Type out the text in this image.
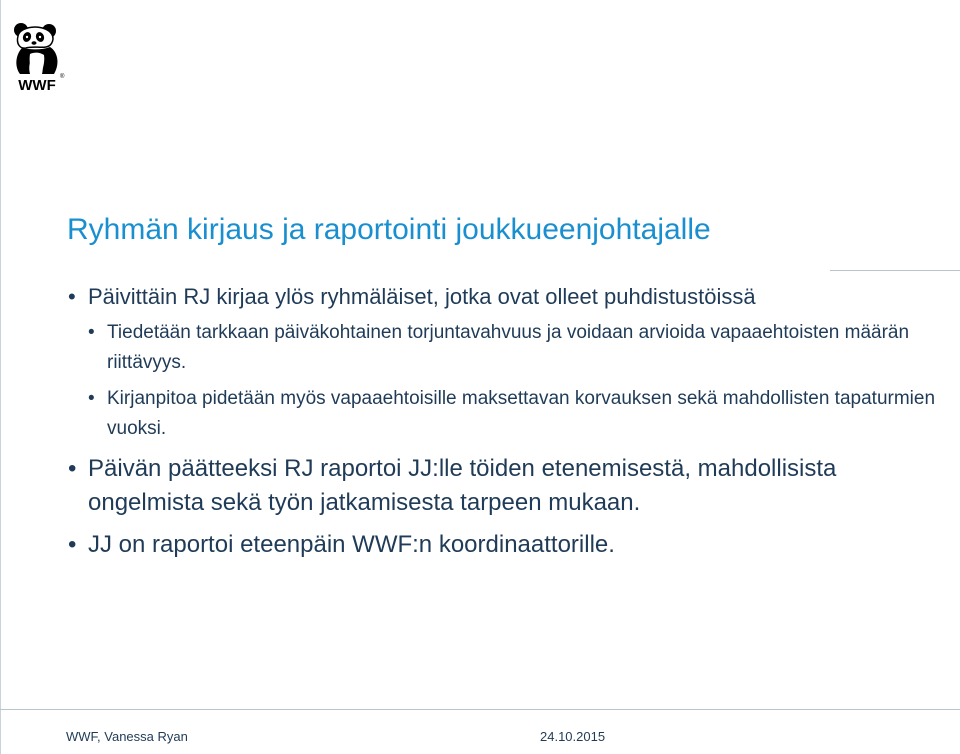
WWF ®
Ryhmän kirjaus ja raportointi joukkueenjohtajalle
• Päivittäin RJ kirjaa ylös ryhmäläiset, jotka ovat olleet puhdistustöissä
• Tiedetään tarkkaan päiväkohtainen torjuntavahvuus ja voidaan arvioida vapaaehtoisten määrän riittävyys.
• Kirjanpitoa pidetään myös vapaaehtoisille maksettavan korvauksen sekä mahdollisten tapaturmien vuoksi.
• Päivän päätteeksi RJ raportoi JJ:lle töiden etenemisestä, mahdollisista ongelmista sekä työn jatkamisesta tarpeen mukaan.
• JJ on raportoi eteenpäin WWF:n koordinaattorille.
WWF, Vanessa Ryan	24.10.2015
